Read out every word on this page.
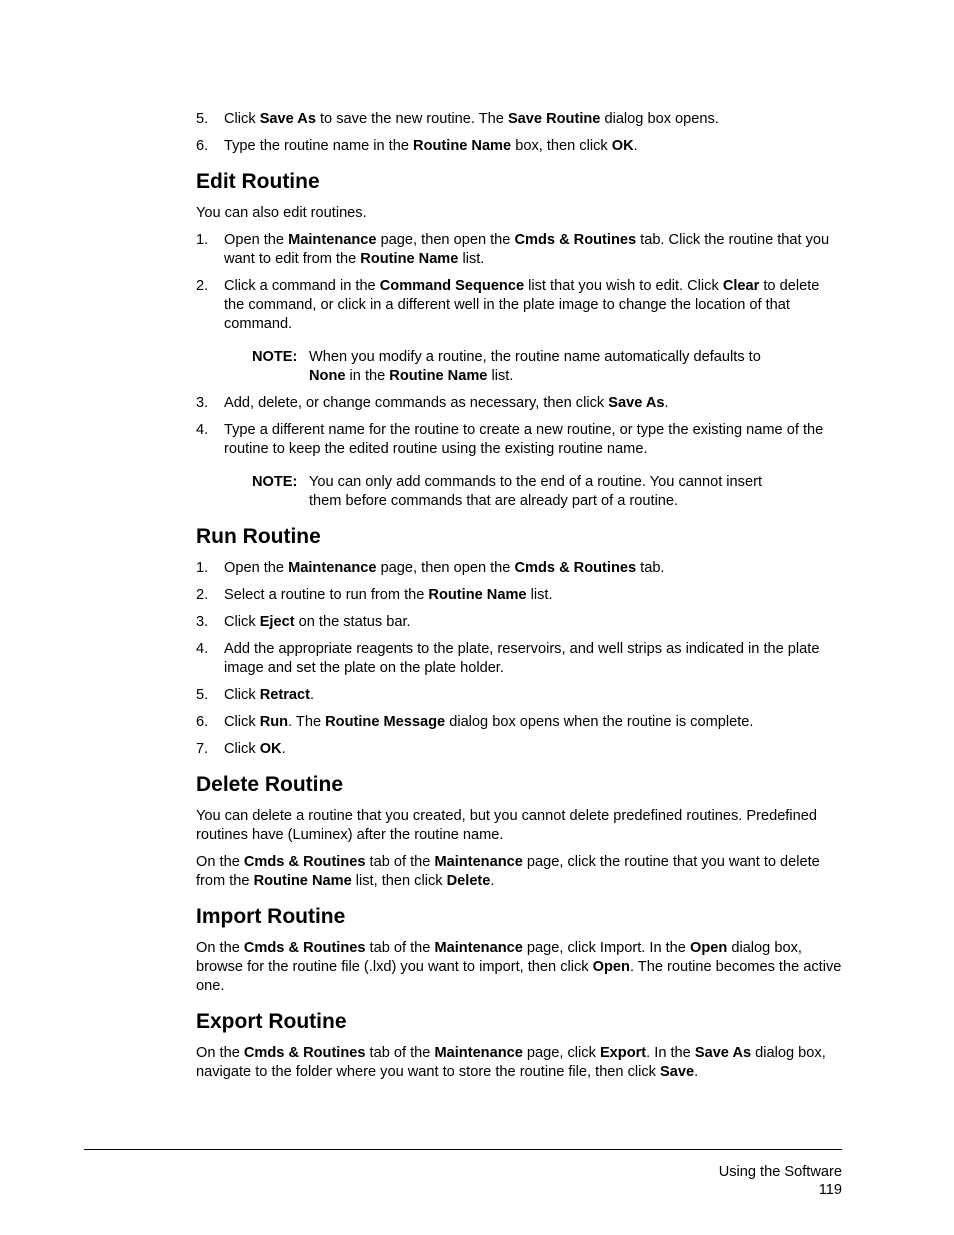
5. Click Save As to save the new routine. The Save Routine dialog box opens.
6. Type the routine name in the Routine Name box, then click OK.
Edit Routine

You can also edit routines.

1. Open the Maintenance page, then open the Cmds & Routines tab. Click the routine that you want to edit from the Routine Name list.
2. Click a command in the Command Sequence list that you wish to edit. Click Clear to delete the command, or click in a different well in the plate image to change the location of that command.
NOTE: When you modify a routine, the routine name automatically defaults to None in the Routine Name list.
3. Add, delete, or change commands as necessary, then click Save As.
4. Type a different name for the routine to create a new routine, or type the existing name of the routine to keep the edited routine using the existing routine name.
NOTE: You can only add commands to the end of a routine. You cannot insert them before commands that are already part of a routine.
Run Routine
1. Open the Maintenance page, then open the Cmds & Routines tab.
2. Select a routine to run from the Routine Name list.
3. Click Eject on the status bar.
4. Add the appropriate reagents to the plate, reservoirs, and well strips as indicated in the plate image and set the plate on the plate holder.
5. Click Retract.
6. Click Run. The Routine Message dialog box opens when the routine is complete.
7. Click OK.
Delete Routine

You can delete a routine that you created, but you cannot delete predefined routines. Predefined routines have (Luminex) after the routine name.

On the Cmds & Routines tab of the Maintenance page, click the routine that you want to delete from the Routine Name list, then click Delete.

Import Routine

On the Cmds & Routines tab of the Maintenance page, click Import. In the Open dialog box, browse for the routine file (.lxd) you want to import, then click Open. The routine becomes the active one.

Export Routine

On the Cmds & Routines tab of the Maintenance page, click Export. In the Save As dialog box, navigate to the folder where you want to store the routine file, then click Save.

Using the Software
119
